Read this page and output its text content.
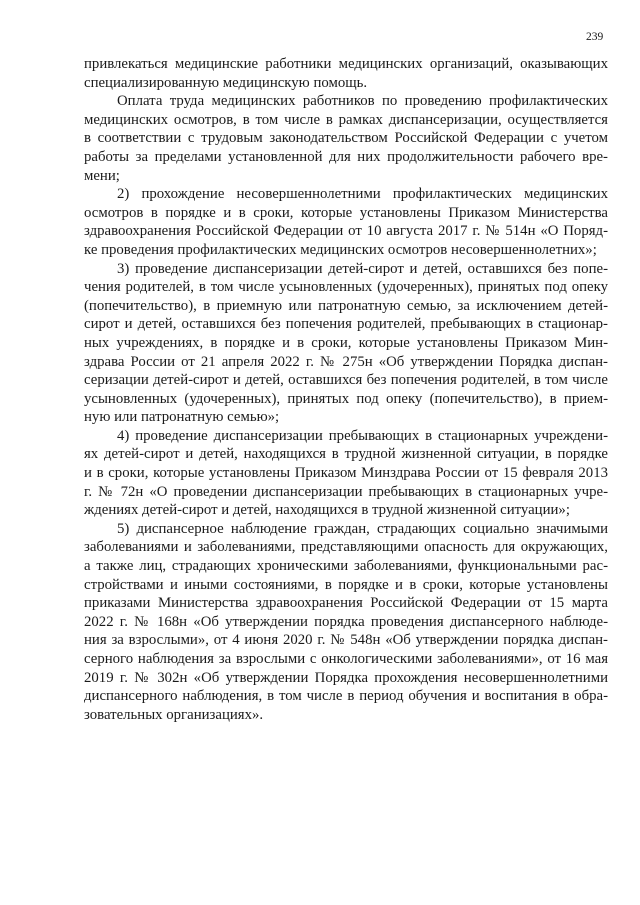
239
привлекаться медицинские работники медицинских организаций, оказывающих
специализированную медицинскую помощь.
Оплата труда медицинских работников по проведению профилактических
медицинских осмотров, в том числе в рамках диспансеризации, осуществляется
в соответствии с трудовым законодательством Российской Федерации с учетом
работы за пределами установленной для них продолжительности рабочего вре-
мени;
2) прохождение несовершеннолетними профилактических медицинских
осмотров в порядке и в сроки, которые установлены Приказом Министерства
здравоохранения Российской Федерации от 10 августа 2017 г. № 514н «О Поряд-
ке проведения профилактических медицинских осмотров несовершеннолетних»;
3) проведение диспансеризации детей-сирот и детей, оставшихся без попе-
чения родителей, в том числе усыновленных (удочеренных), принятых под опеку
(попечительство), в приемную или патронатную семью, за исключением детей-
сирот и детей, оставшихся без попечения родителей, пребывающих в стационар-
ных учреждениях, в порядке и в сроки, которые установлены Приказом Мин-
здрава России от 21 апреля 2022 г. № 275н «Об утверждении Порядка диспан-
серизации детей-сирот и детей, оставшихся без попечения родителей, в том числе
усыновленных (удочеренных), принятых под опеку (попечительство), в прием-
ную или патронатную семью»;
4) проведение диспансеризации пребывающих в стационарных учреждени-
ях детей-сирот и детей, находящихся в трудной жизненной ситуации, в порядке
и в сроки, которые установлены Приказом Минздрава России от 15 февраля 2013
г. № 72н «О проведении диспансеризации пребывающих в стационарных учре-
ждениях детей-сирот и детей, находящихся в трудной жизненной ситуации»;
5) диспансерное наблюдение граждан, страдающих социально значимыми
заболеваниями и заболеваниями, представляющими опасность для окружающих,
а также лиц, страдающих хроническими заболеваниями, функциональными рас-
стройствами и иными состояниями, в порядке и в сроки, которые установлены
приказами Министерства здравоохранения Российской Федерации от 15 марта
2022 г. № 168н «Об утверждении порядка проведения диспансерного наблюде-
ния за взрослыми», от 4 июня 2020 г. № 548н «Об утверждении порядка диспан-
серного наблюдения за взрослыми с онкологическими заболеваниями», от 16 мая
2019 г. № 302н «Об утверждении Порядка прохождения несовершеннолетними
диспансерного наблюдения, в том числе в период обучения и воспитания в обра-
зовательных организациях».
